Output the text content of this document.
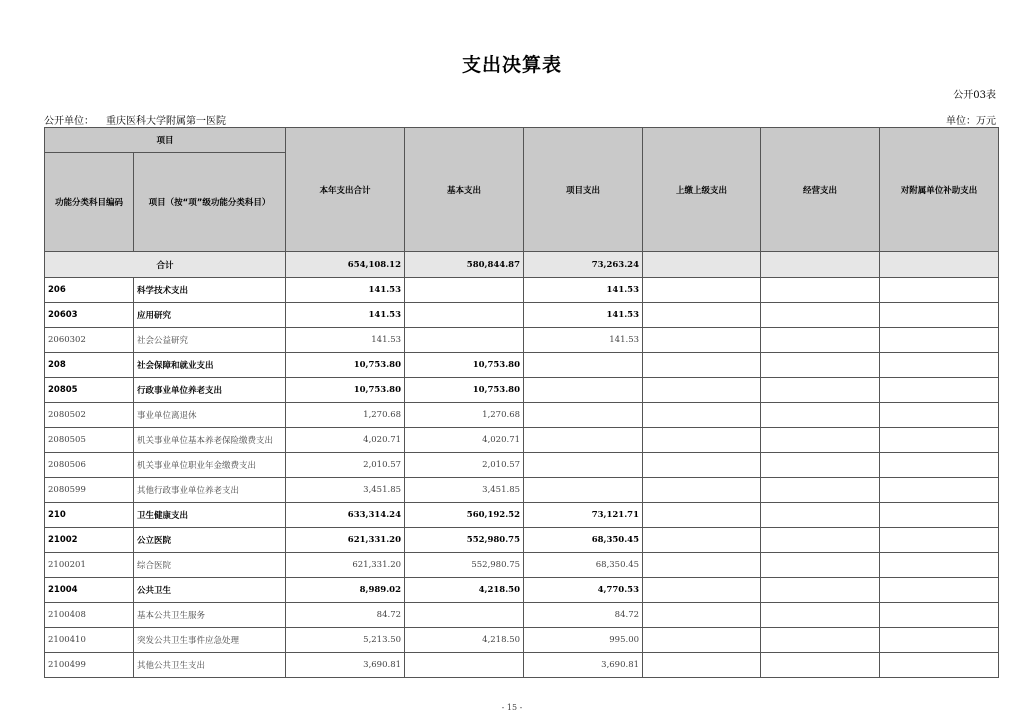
支出决算表
公开03表
公开单位： 重庆医科大学附属第一医院	单位：万元
项目		本年支出合计	基本支出	项目支出	上缴上级支出	经营支出	对附属单位补助支出
功能分类科目编码	项目（按“项”级功能分类科目）						
合计		654,108.12	580,844.87	73,263.24			
206	科学技术支出	141.53		141.53			
20603	应用研究	141.53		141.53			
2060302	社会公益研究	141.53		141.53			
208	社会保障和就业支出	10,753.80	10,753.80				
20805	行政事业单位养老支出	10,753.80	10,753.80				
2080502	事业单位离退休	1,270.68	1,270.68				
2080505	机关事业单位基本养老保险缴费支出	4,020.71	4,020.71				
2080506	机关事业单位职业年金缴费支出	2,010.57	2,010.57				
2080599	其他行政事业单位养老支出	3,451.85	3,451.85				
210	卫生健康支出	633,314.24	560,192.52	73,121.71			
21002	公立医院	621,331.20	552,980.75	68,350.45			
2100201	综合医院	621,331.20	552,980.75	68,350.45			
21004	公共卫生	8,989.02	4,218.50	4,770.53			
2100408	基本公共卫生服务	84.72		84.72			
2100410	突发公共卫生事件应急处理	5,213.50	4,218.50	995.00			
2100499	其他公共卫生支出	3,690.81		3,690.81			
- 15 -
